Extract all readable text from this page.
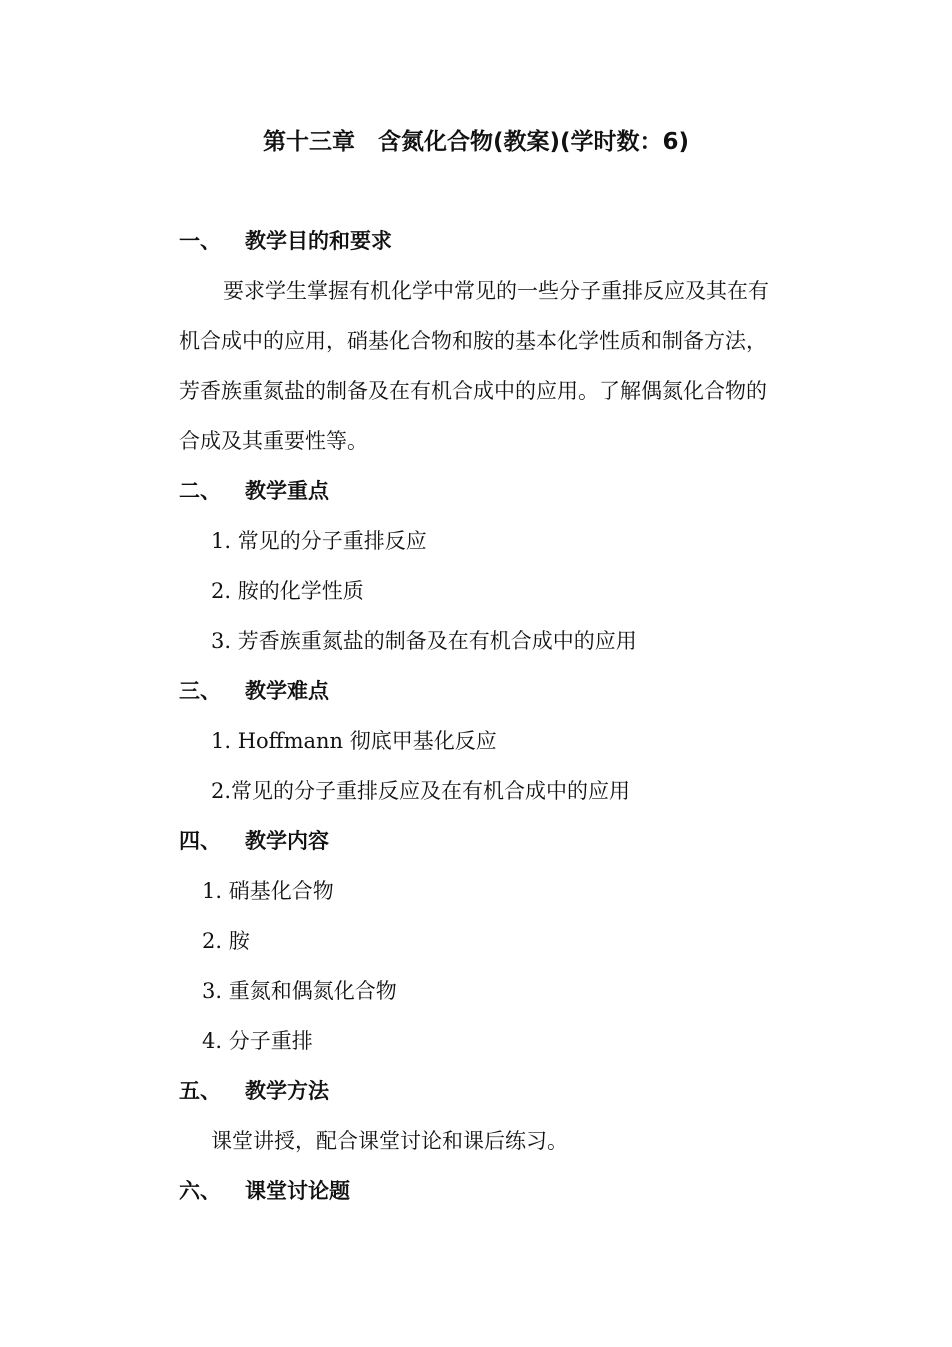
第十三章　含氮化合物(教案)(学时数：6)
一、 教学目的和要求
要求学生掌握有机化学中常见的一些分子重排反应及其在有
机合成中的应用，硝基化合物和胺的基本化学性质和制备方法，
芳香族重氮盐的制备及在有机合成中的应用。了解偶氮化合物的
合成及其重要性等。
二、 教学重点
1. 常见的分子重排反应
2. 胺的化学性质
3. 芳香族重氮盐的制备及在有机合成中的应用
三、 教学难点
1. Hoffmann 彻底甲基化反应
2.常见的分子重排反应及在有机合成中的应用
四、 教学内容
1. 硝基化合物
2. 胺
3. 重氮和偶氮化合物
4. 分子重排
五、 教学方法
课堂讲授，配合课堂讨论和课后练习。
六、 课堂讨论题
